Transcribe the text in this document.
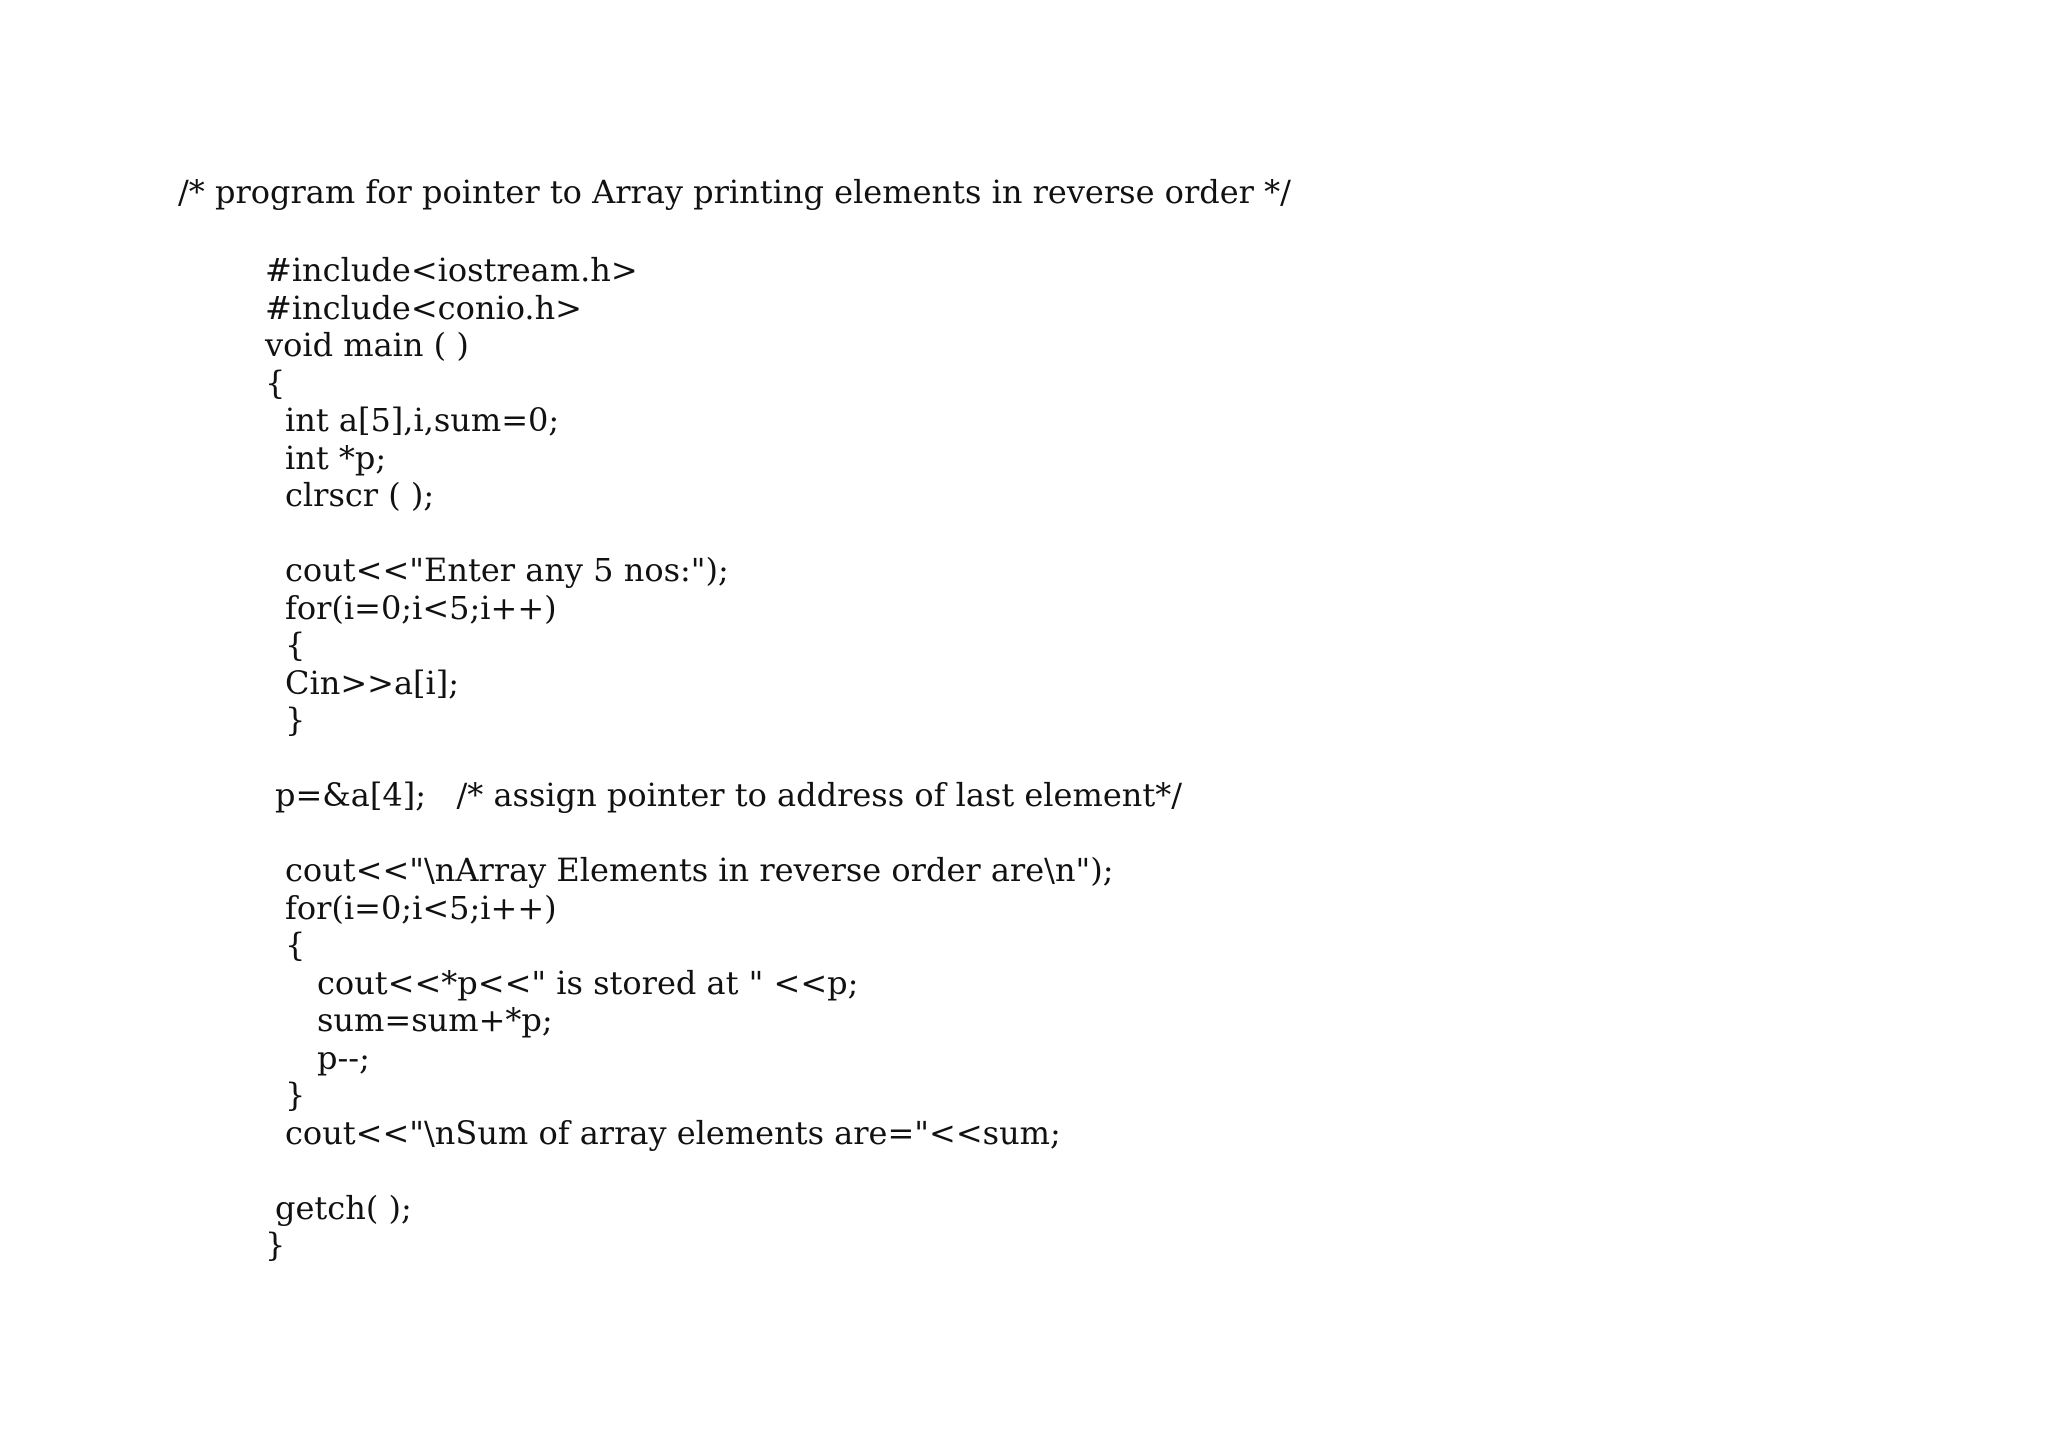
/* program for pointer to Array printing elements in reverse order */
#include<iostream.h>
#include<conio.h>
void main ( )
{
int a[5],i,sum=0;
int *p;
clrscr ( );
cout<<"Enter any 5 nos:");
for(i=0;i<5;i++)
{
Cin>>a[i];
}
p=&a[4];   /* assign pointer to address of last element*/
cout<<"\nArray Elements in reverse order are\n");
for(i=0;i<5;i++)
{
cout<<*p<<" is stored at " <<p;
sum=sum+*p;
p--;
}
cout<<"\nSum of array elements are="<<sum;
getch( );
}
